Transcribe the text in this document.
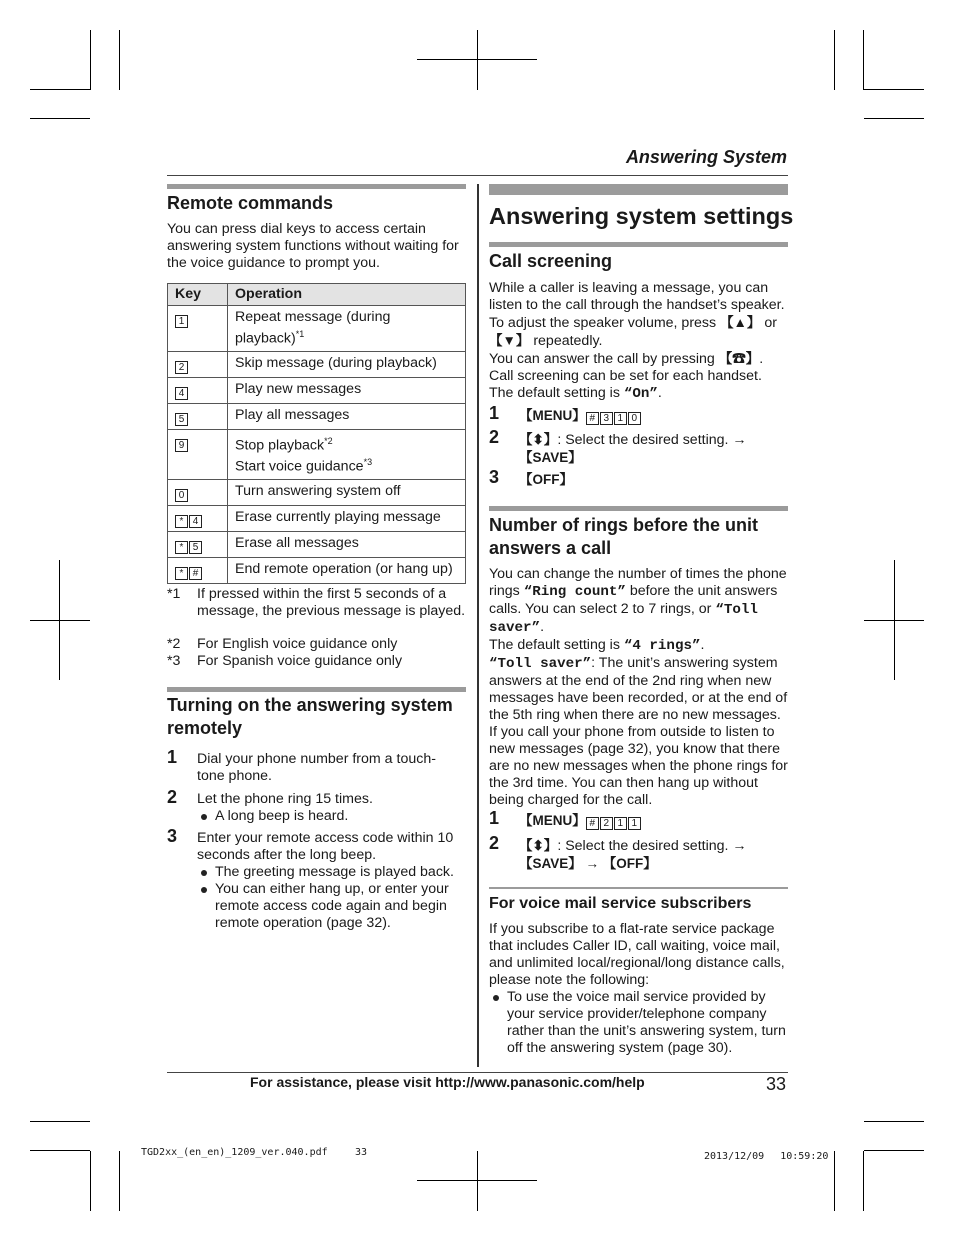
Answering System
Remote commands
You can press dial keys to access certain answering system functions without waiting for the voice guidance to prompt you.
Key	Operation
1	Repeat message (during playback)$^{*1}$
2	Skip message (during playback)
4	Play new messages
5	Play all messages
9	Stop playback$^{*2}$
Start voice guidance$^{*3}$
0	Turn answering system off
* 4	Erase currently playing message
* 5	Erase all messages
* #	End remote operation (or hang up)
*1 If pressed within the first 5 seconds of a message, the previous message is played.
*2 For English voice guidance only
*3 For Spanish voice guidance only
Turning on the answering system remotely
1 Dial your phone number from a touch-tone phone.
2 Let the phone ring 15 times.
A long beep is heard.
3 Enter your remote access code within 10 seconds after the long beep.
The greeting message is played back.
You can either hang up, or enter your remote access code again and begin remote operation (page 32).
Answering system settings
Call screening

While a caller is leaving a message, you can listen to the call through the handset’s speaker. To adjust the speaker volume, press 【▲】 or 【▼】 repeatedly.

You can answer the call by pressing 【☎】.

Call screening can be set for each handset.

The default setting is “On”.

1 【MENU】 # 3 1 0
2 【⬍】: Select the desired setting. →
【SAVE】
3 【OFF】
Number of rings before the unit answers a call

You can change the number of times the phone rings “Ring count” before the unit answers calls. You can select 2 to 7 rings, or “Toll saver”.

The default setting is “4 rings”.

“Toll saver”: The unit’s answering system answers at the end of the 2nd ring when new messages have been recorded, or at the end of the 5th ring when there are no new messages. If you call your phone from outside to listen to new messages (page 32), you know that there are no new messages when the phone rings for the 3rd time. You can then hang up without being charged for the call.

1 【MENU】 # 2 1 1
2 【⬍】: Select the desired setting. →
【SAVE】 → 【OFF】
For voice mail service subscribers

If you subscribe to a flat-rate service package that includes Caller ID, call waiting, voice mail, and unlimited local/regional/long distance calls, please note the following:

To use the voice mail service provided by your service provider/telephone company rather than the unit’s answering system, turn off the answering system (page 30).
For assistance, please visit http://www.panasonic.com/help	33
TGD2xx_(en_en)_1209_ver.040.pdf	33	2013/12/09　 10:59:20
